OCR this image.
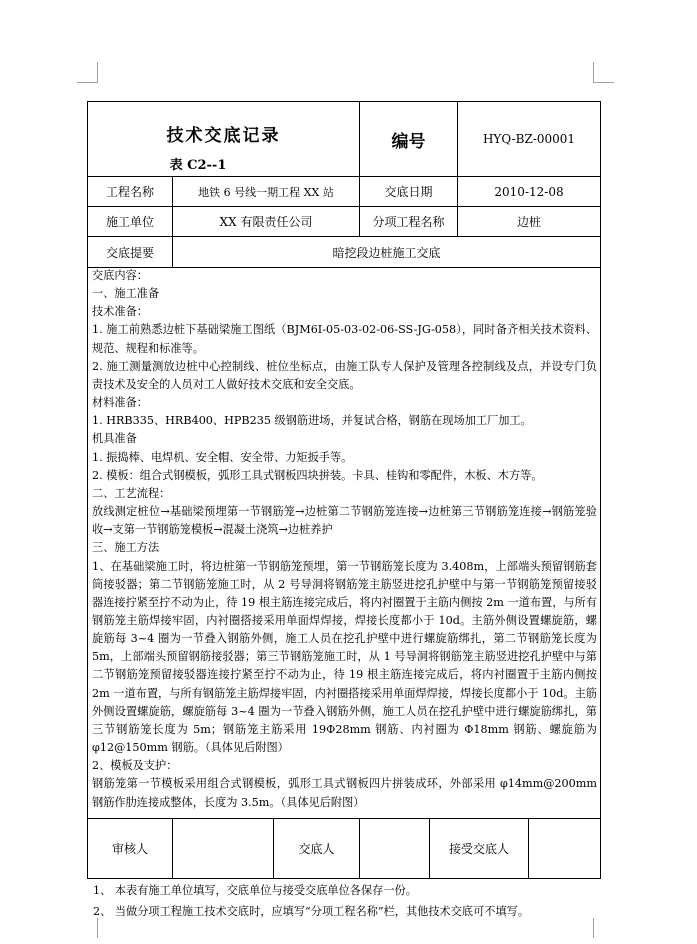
技术交底记录
表 C2--1
编号	HYQ-BZ-00001
工程名称	地铁 6 号线一期工程 XX 站	交底日期	2010-12-08
施工单位	XX 有限责任公司	分项工程名称	边桩
交底提要	暗挖段边桩施工交底

交底内容：

一、施工准备

技术准备：

1. 施工前熟悉边桩下基础梁施工图纸（BJM6I-05-03-02-06-SS-JG-058），同时备齐相关技术资料、规范、规程和标准等。

2. 施工测量测放边桩中心控制线、桩位坐标点，由施工队专人保护及管理各控制线及点，并设专门负责技术及安全的人员对工人做好技术交底和安全交底。

材料准备：

1. HRB335、HRB400、HPB235 级钢筋进场，并复试合格，钢筋在现场加工厂加工。

机具准备

1. 振捣棒、电焊机、安全帽、安全带、力矩扳手等。

2. 模板：组合式钢模板，弧形工具式钢板四块拼装。卡具、桂钩和零配件，木板、木方等。

二、工艺流程：

放线测定桩位→基础梁预埋第一节钢筋笼→边桩第二节钢筋笼连接→边桩第三节钢筋笼连接→钢筋笼验收→支第一节钢筋笼模板→混凝土浇筑→边桩养护

三、施工方法

1、在基础梁施工时，将边桩第一节钢筋笼预埋，第一节钢筋笼长度为 3.408m，上部端头预留钢筋套筒接驳器；第二节钢筋笼施工时，从 2 号导洞将钢筋笼主筋竖进挖孔护壁中与第一节钢筋笼预留接驳器连接拧紧至拧不动为止，待 19 根主筋连接完成后，将内衬圈置于主筋内侧按 2m 一道布置，与所有钢筋笼主筋焊接牢固，内衬圈搭接采用单面焊焊接，焊接长度都小于 10d。主筋外侧设置螺旋筋，螺旋筋每 3~4 圈为一节叠入钢筋外侧，施工人员在挖孔护壁中进行螺旋筋绑扎，第二节钢筋笼长度为 5m，上部端头预留钢筋接驳器；第三节钢筋笼施工时，从 1 号导洞将钢筋笼主筋竖进挖孔护壁中与第二节钢筋笼预留接驳器连接拧紧至拧不动为止，待 19 根主筋连接完成后，将内衬圈置于主筋内侧按 2m 一道布置，与所有钢筋笼主筋焊接牢固，内衬圈搭接采用单面焊焊接，焊接长度都小于 10d。主筋外侧设置螺旋筋，螺旋筋每 3~4 圈为一节叠入钢筋外侧，施工人员在挖孔护壁中进行螺旋筋绑扎，第三节钢筋笼长度为 5m；钢筋笼主筋采用 19Φ28mm 钢筋、内衬圈为 Φ18mm 钢筋、螺旋筋为 φ12@150mm 钢筋。（具体见后附图）

2、模板及支护：

钢筋笼第一节模板采用组合式钢模板，弧形工具式钢板四片拼装成环，外部采用 φ14mm@200mm 钢筋作肋连接成整体，长度为 3.5m。（具体见后附图）

审核人	交底人	接受交底人
1、 本表有施工单位填写，交底单位与接受交底单位各保存一份。
2、 当做分项工程施工技术交底时，应填写“分项工程名称”栏，其他技术交底可不填写。
